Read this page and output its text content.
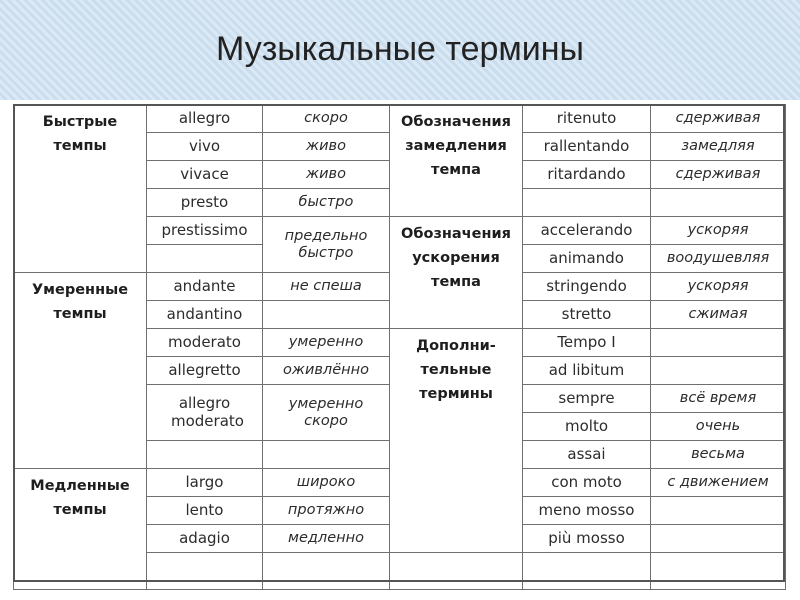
Музыкальные термины
Быстрые темпы	allegro	скоро	Обозначения замедления темпа	ritenuto	сдерживая
	vivo	живо		rallentando	замедляя
	vivace	живо		ritardando	сдерживая
	presto	быстро			
	prestissimo	предельно быстро	Обозначения ускорения темпа	accelerando	ускоряя
				animando	воодушевляя
Умеренные темпы	andante	не спеша		stringendo	ускоряя
	andantino			stretto	сжимая
	moderato	умеренно	Дополни- тельные термины	Tempo I	
	allegretto	оживлённо		ad libitum	
	allegro moderato	умеренно скоро		sempre	всё время
				molto	очень
				assai	весьма
Медленные темпы	largo	широко		con moto	с движением
	lento	протяжно		meno mosso	
	adagio	медленно		più mosso	
